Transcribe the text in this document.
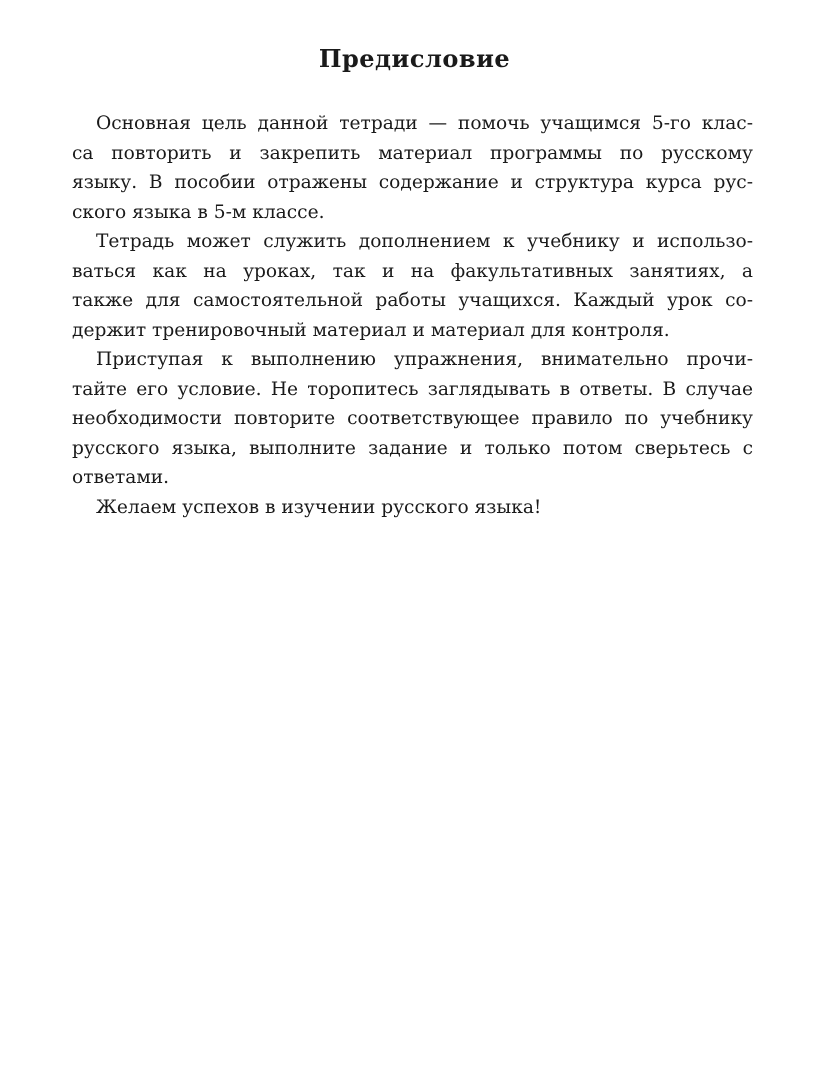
Предисловие
Основная цель данной тетради — помочь учащимся 5-го клас-
са повторить и закрепить материал программы по русскому
языку. В пособии отражены содержание и структура курса рус-
ского языка в 5-м классе.
Тетрадь может служить дополнением к учебнику и использо-
ваться как на уроках, так и на факультативных занятиях, а
также для самостоятельной работы учащихся. Каждый урок со-
держит тренировочный материал и материал для контроля.
Приступая к выполнению упражнения, внимательно прочи-
тайте его условие. Не торопитесь заглядывать в ответы. В случае
необходимости повторите соответствующее правило по учебнику
русского языка, выполните задание и только потом сверьтесь с
ответами.
Желаем успехов в изучении русского языка!
